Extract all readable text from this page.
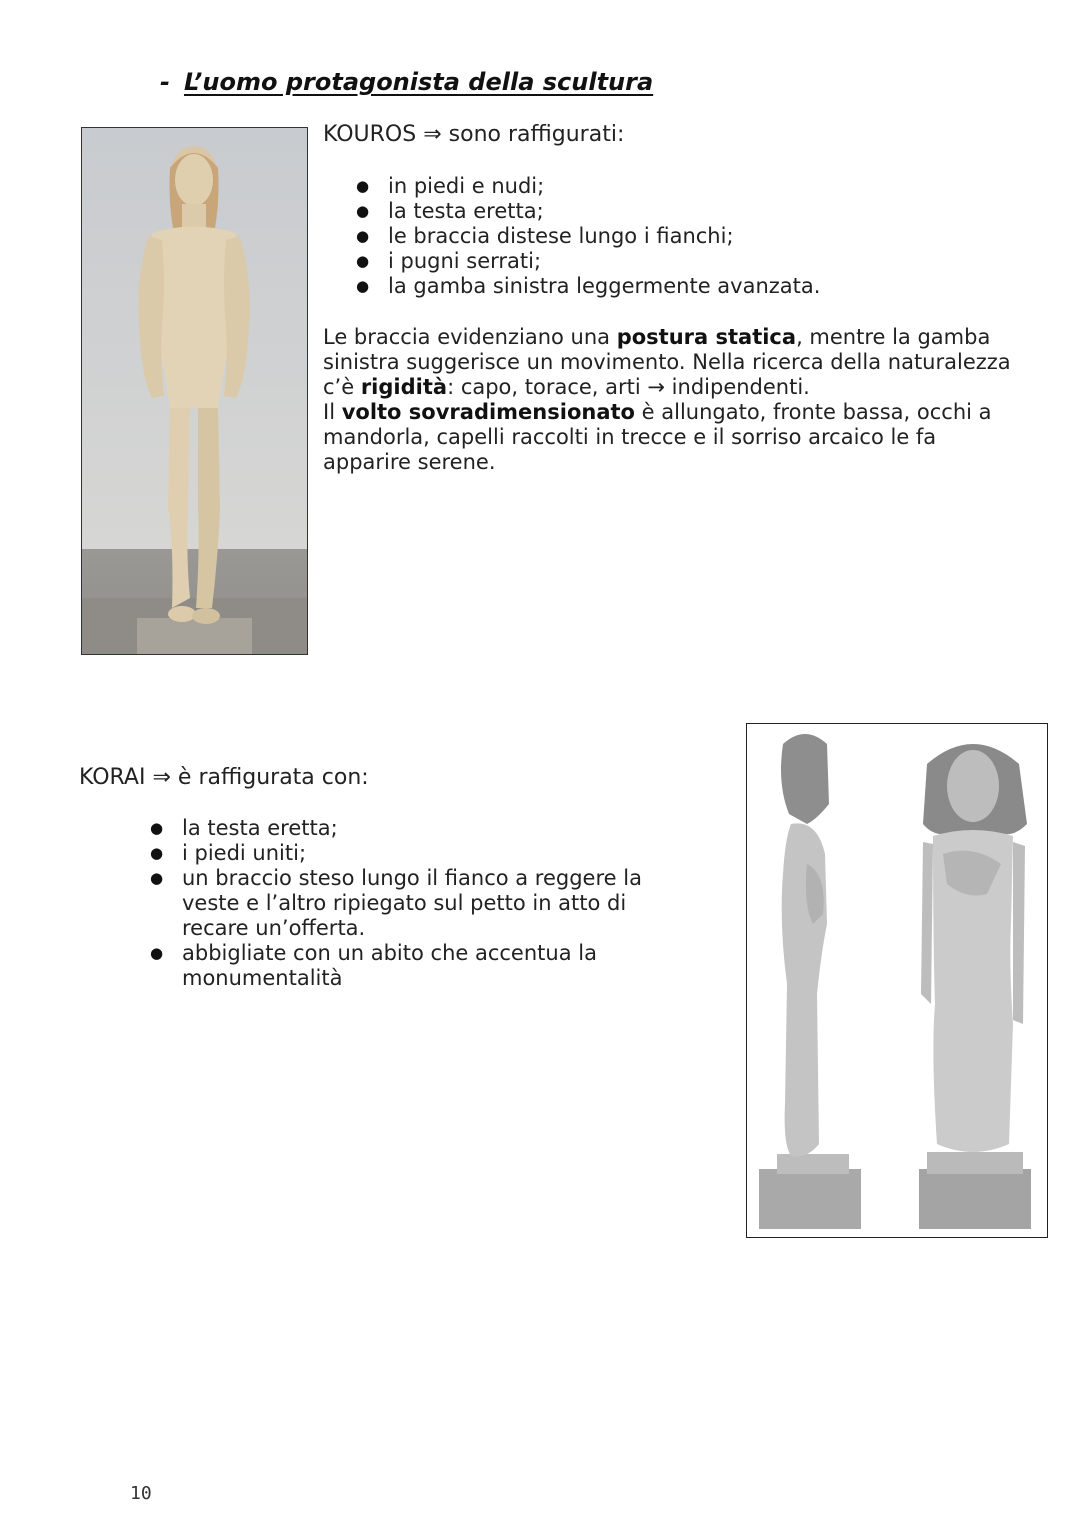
- L’uomo protagonista della scultura
KOUROS ⇒ sono raffigurati:
● in piedi e nudi;
● la testa eretta;
● le braccia distese lungo i fianchi;
● i pugni serrati;
● la gamba sinistra leggermente avanzata.
Le braccia evidenziano una postura statica, mentre la gamba sinistra suggerisce un movimento. Nella ricerca della naturalezza c’è rigidità: capo, torace, arti → indipendenti.
Il volto sovradimensionato è allungato, fronte bassa, occhi a mandorla, capelli raccolti in trecce e il sorriso arcaico le fa apparire serene.
KORAI ⇒ è raffigurata con:
● la testa eretta;
● i piedi uniti;
● un braccio steso lungo il fianco a reggere la veste e l’altro ripiegato sul petto in atto di recare un’offerta.
● abbigliate con un abito che accentua la monumentalità
10
